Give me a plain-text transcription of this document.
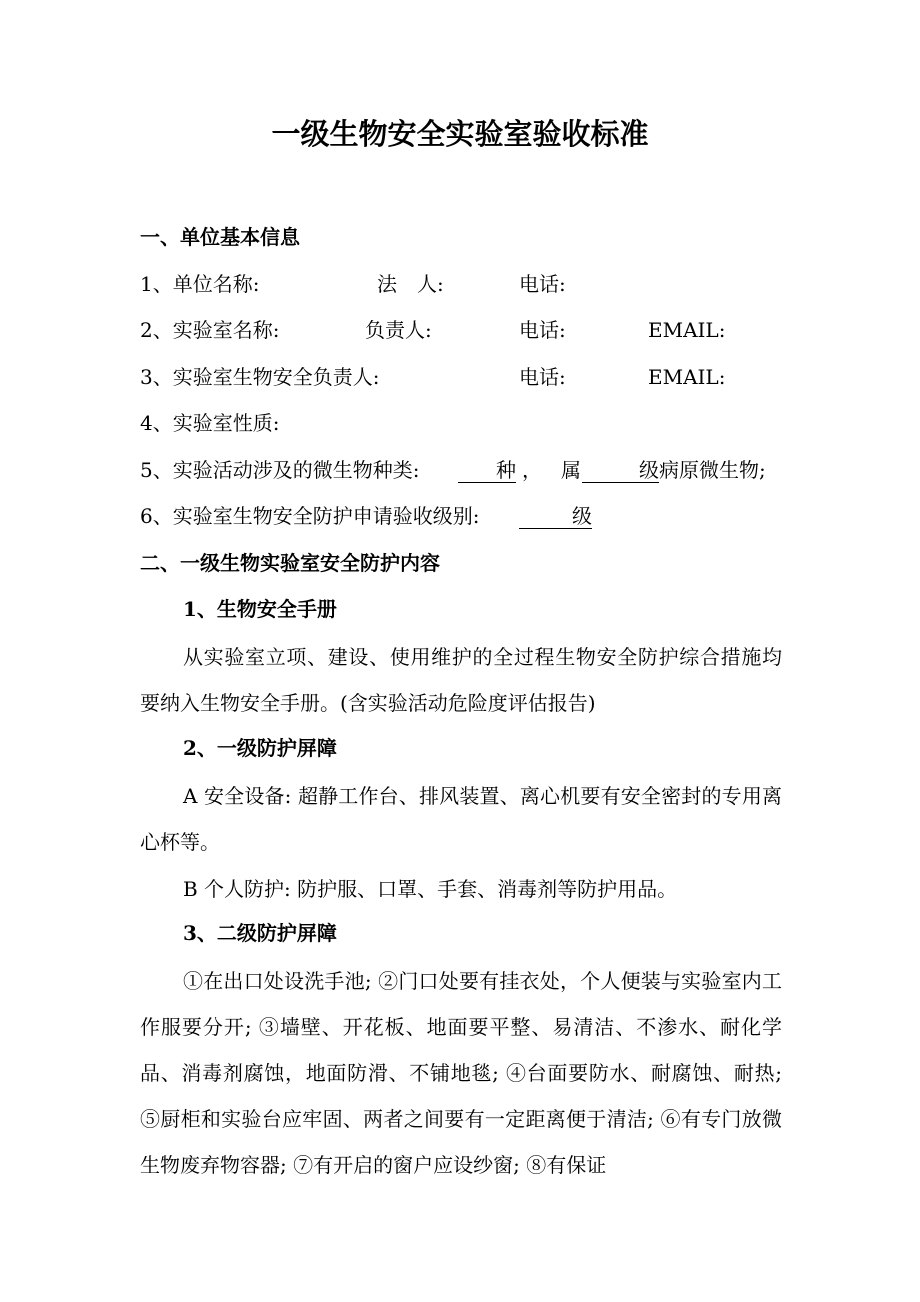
一级生物安全实验室验收标准
一、单位基本信息
1、单位名称:	法　人:	电话:
2、实验室名称:	负责人:	电话:	EMAIL:
3、实验室生物安全负责人:	电话:	EMAIL:
4、实验室性质:
5、实验活动涉及的微生物种类:	种 ， 属	级 病原微生物;
6、实验室生物安全防护申请验收级别:	级
二、一级生物实验室安全防护内容
1、生物安全手册
从实验室立项、建设、使用维护的全过程生物安全防护综合措施均要纳入生物安全手册。(含实验活动危险度评估报告)
2、一级防护屏障
A 安全设备: 超静工作台、排风装置、离心机要有安全密封的专用离心杯等。
B 个人防护: 防护服、口罩、手套、消毒剂等防护用品。
3、二级防护屏障
①在出口处设洗手池; ②门口处要有挂衣处，个人便装与实验室内工作服要分开; ③墙壁、开花板、地面要平整、易清洁、不渗水、耐化学品、消毒剂腐蚀，地面防滑、不铺地毯; ④台面要防水、耐腐蚀、耐热; ⑤厨柜和实验台应牢固、两者之间要有一定距离便于清洁; ⑥有专门放微生物废弃物容器; ⑦有开启的窗户应设纱窗; ⑧有保证
